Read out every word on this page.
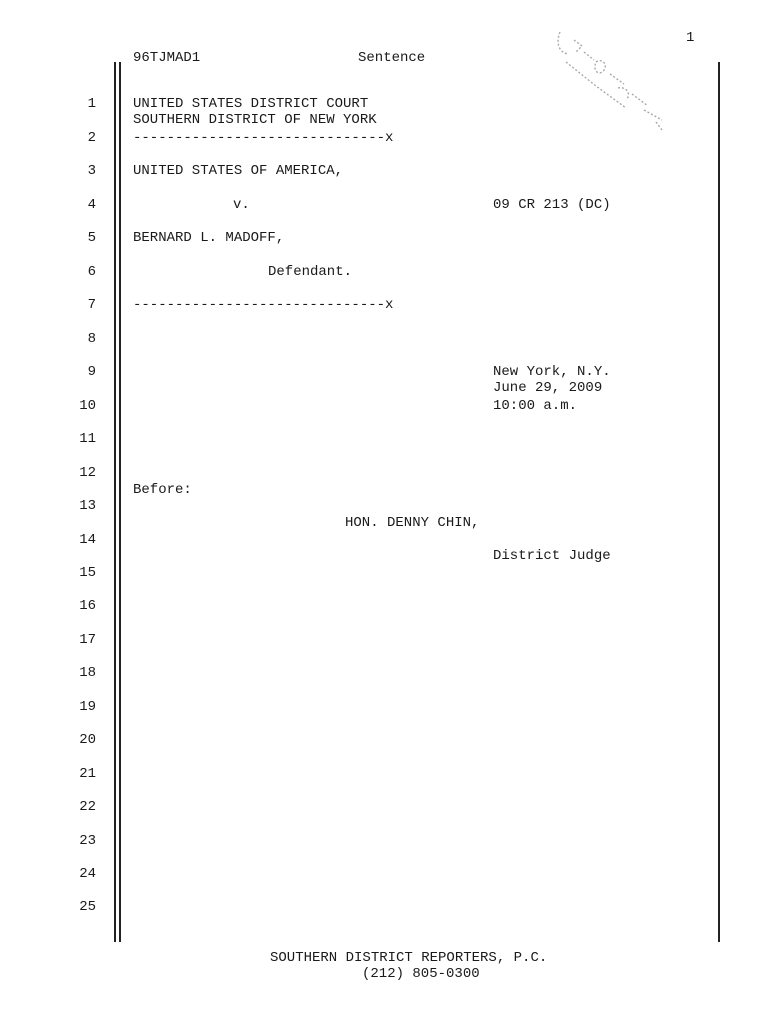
1
96TJMAD1	Sentence
1
2
3
4
5
6
7
8
9
10
11
12
13
14
15
16
17
18
19
20
21
22
23
24
25
UNITED STATES DISTRICT COURT
SOUTHERN DISTRICT OF NEW YORK
------------------------------x
UNITED STATES OF AMERICA,
v.	09 CR 213 (DC)
BERNARD L. MADOFF,
Defendant.
------------------------------x
New York, N.Y.
June 29, 2009
10:00 a.m.
Before:
HON. DENNY CHIN,
District Judge
SOUTHERN DISTRICT REPORTERS, P.C.
(212) 805-0300
